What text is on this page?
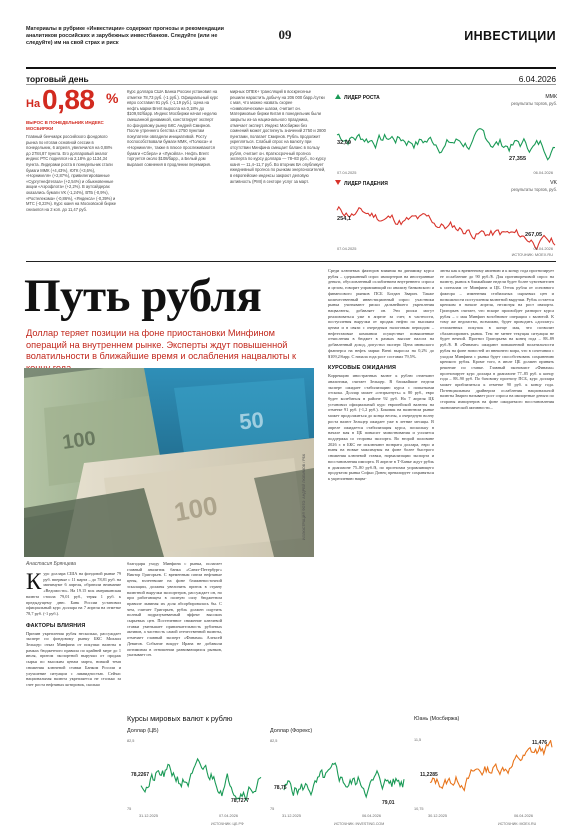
Материалы в рубрике «Инвестиции» содержат прогнозы и рекомендации аналитиков российских и зарубежных инвестбанков. Следуйте (или не следуйте) им на свой страх и риск
09	ИНВЕСТИЦИИ
торговый день	6.04.2026
На 0,88 %
ВЫРОС В ПОНЕДЕЛЬНИК ИНДЕКС МОСБИРЖИ
Главный бенчмарк российского фондового рынка по итогам основной сессии в понедельник, 6 апреля, увеличился на 0,88% до 2784,87 пункта. Его долларовый аналог индекс РТС поднялся на 2,18% до 1134,34 пункта. Лидерами роста в понедельник стали бумаги ММК (+4,43%), ЮГК (+3,6%), «Норникеля» (+2,87%), привилегированные «Сургутнефтегаза» (+2,54%) и обыкновенные акции «Аэрофлота» (+2,2%). В аутсайдерах оказались бумаги VK (-1,24%), ВТБ (-0,9%), «Ростелекома» (-0,86%), «Яндекса» (-0,39%) и МТС (-0,23%). Курс юаня на Московской бирже снизился на 2 коп. до 11,47 руб.
Курс доллара США Банка России установил на отметке 78,73 руб. (-1 руб.). Официальный курс евро составил 91 руб. (-1,19 руб.). Цена на нефть марки Brent выросла на 0,18% до $109,92/барр. Индекс Мосбиржи начал неделю смешанной динамикой, констатирует эксперт по фондовому рынку БКС Андрей Смирнов. После утреннего бегства к 2750 пунктам покупатели овладели инициативой. Росту поспособствовали бумаги ММК, «Полюса» и «Норникеля», также в плюсе прослеживаются бумаги «Сбера» и «Лукойла». Нефть Brent торгуется около $108/барр., а Белый дом выразил сомнения в продлении перемирия.
мирных ОПЕК+ трансляций в воскресенье решили нарастить добычу на 206 000 барр./сутки с мая, что можно назвать скорее «символическим» шагом, считает он. Материковые биржи Китая в понедельник были закрыты из-за национального праздника, отмечает эксперт. Индекс Мосбиржи без сомнений может достигнуть значений 2750 и 2800 пунктами, полагает Смирнов. Рубль продолжит укрепляться. Слабый спрос на валюту при отсутствии Минфина смещает баланс в пользу рубля, считает он. Краткосрочный прогноз эксперта по курсу доллара — 78–83 руб., по курсу юаня — 11,4–11,7 руб. Во вторник ВА опубликует ежедневный прогноз по рынкам энергоносителей, в европейские индексы закроют деловую активность (PMI) в секторе услуг за март.
ЛИДЕР РОСТА	ММК
результаты торгов, руб.
32,09
27,355
07.04.2025	06.04.2026
ЛИДЕР ПАДЕНИЯ	VK
результаты торгов, руб.
254,1
267,05
07.04.2025	06.04.2026
ИСТОЧНИК: MOEX.RU
Путь рубля
Доллар теряет позиции на фоне приостановки Минфином операций на внутреннем рынке. Эксперты ждут повышенной волатильности в ближайшие время и ослабления нацвалюты к
100
50
100	ИЛЛЮСТРАЦИЯ ФОТО: АНДРЕЙ ЛЮБИМОВ / РБК
Анастасия Брянцева
К урс доллара США на фондовой рынке 79 руб. впервые с 11 марта – до 78,81 руб. на минимуме 6 апреля, обратили внимание «Ведомости». На 19.15 мск американская валюта стоила 79,01 руб., теряя 1 руб. к предыдущему дню. Банк России установил официальный курс доллара на 7 апреля на отметке 78,7 руб. (-1 руб.).
ФАКТОРЫ ВЛИЯНИЯ
Причин укрепления рубля несколько, рассуждает эксперт по фондовому рынку БКС Михаил Зельцер: отказ Минфина от покупки валюты в рамках бюджетного правила по крайней мере до 1 июля, притом экспортной выручки от продаж сырья по высоким ценам марта, низкий темп снижения ключевой ставки Банком России и улучшение ситуации с ликвидностью. Сейчас национальная валюта укрепляется не столько за счет роста нефтяных котировок, сколько
благодаря уходу Минфина с рынка, полагает главный аналитик банка «Санкт-Петербург» Виктор Григорьев. С временным патом нефтяные цены, взлетевшие на фоне ближневосточной эскалации, должны увеличить приток в страну валютной выручки экспортеров, рассуждает он, но при работающем в полную силу бюджетном правиле львиная их доля абсорбировалась бы. С чем, считает Григорьев, рубль должен ощутить полный подразумеваемый эффект высоких сырьевых цен. Постепенное снижение ключевой ставки уменьшает привлекательность рублевых активов, а частность самой отечественной валюты, отмечает главный эксперт «Финама» Алексей Девятов. Событие вокруг Ирана не добавили оптимизма в отношении развивающихся рынков, указывает он.
Среди ключевых факторов влияния на динамику курса рубля – сдержанный спрос импортеров на иностранные деньги, обусловленный ослаблением внутреннего спроса и целом, говорит управляющий по анализу банковского и финансового рынков ПСБ Богдан Зварич. Также количественный инвестиционный спрос: участники рынка учитывают риски дальнейшего укрепления нацвалюты, добавляет он. Эти риски могут реализоваться уже в апреле за счет, в частности, поступления выручки от продаж нефти по высоким ценам и в связи с очередным налоговым периодом – нефтегазовые компании осуществят повышенные отчисления в бюджет в рамках выплат налога на добавленный доход, допустил эксперт. Цена июньского фьючерса на нефть марки Brent выросла на 0,2% до $109,2/барр. С начала года рост составил 79,5%.
КУРСОВЫЕ ОЖИДАНИЯ
Коррекцию иностранных валют к рублю отмечают аналитики, считает Зельцер. В ближайшие недели эксперт ожидает стабилизацию курса с попытками отскока. Доллар может «отпрыгнуть» к 80 руб., евро будет колебаться в районе 92 руб. На 7 апреля ЦБ установил официальный курс европейской валюты на отметке 91 руб. (-1,2 руб.). Боковик на валютном рынке может продолжиться до конца весны, а очередную волну роста валют Зельцер ожидает уже в летние месяцы. В апреле ожидается стабилизация курса, поскольку в начале мая в ЦБ повысит заимствования и усилится поддержка со стороны экспорта. Во второй половине 2026 г. в БКС не исключают возврата доллара, евро и юаня на новые максимумы на фоне более быстрого снижения ключевой ставки, нормализации экспорта и восстановления импорта. В апреле в Т-Банке ждут рубль в диапазоне 75–80 руб./$, по прогнозам управляющего продуктом рынка Софьи Донец превалирует сохраняться к укреплению нацва-
люты как к временному явлению и к концу года прогнозирует ее ослабление до 90 руб./$. Для противоречивой спрос на валюту, рынок в ближайшие недели будет более чувствителен к сигналам от Минфина и ЦБ. Отток рубля от основного фактора – изменения стабильных сырьевых цен и возможности поступления валютной выручки. Рубль остается крепким в начале апреля, несмотря на рост импорта. Григорьев считает, что вскоре произойдет разворот курса рубля – с мая Минфин возобновит операции с валютой. К тому же ведомство, возможно, будет проводить «доплату» отложенных покупок в конце мая, что позволит сбалансировать рынок. Тем не менее текущая ситуация не будет вечной. Прогноз Григорьева на конец года – 88–89 руб./$. В «Финаме» ожидают повышенной волатильности рубля на фоне новостей из внешнего мира, что в сочетании с уходом Минфина с рынка будет способствовать сохранению крепкого рубля. Кроме того, в июле ЦБ должен принять решение по ставке. Главный экономист «Финама» прогнозирует курс доллара в диапазоне 77–85 руб. к концу года – 88–90 руб. По базовому прогнозу ПСБ, курс доллара может приблизиться к отметке 90 руб. к концу года. Потенциальным драйвером ослабления национальной валюты Зварич называет рост спроса на импортные деньги по стороны импортеров на фоне ожидаемого восстановления экономической активности.–
Курсы мировых валют к рублю
Доллар (ЦБ)
82,5
75
78,2267
78,7277
31.12.2025	07.04.2026
ИСТОЧНИК: ЦБ РФ
Доллар (Форекс)
82,5
75
78,75
79,01
31.12.2025	06.04.2026
ИСТОЧНИК: INVESTING.COM
Юань (Мосбиржа)
11,5
10,75
11,2285
11,476
30.12.2025	06.04.2026
ИСТОЧНИК: MOEX.RU
